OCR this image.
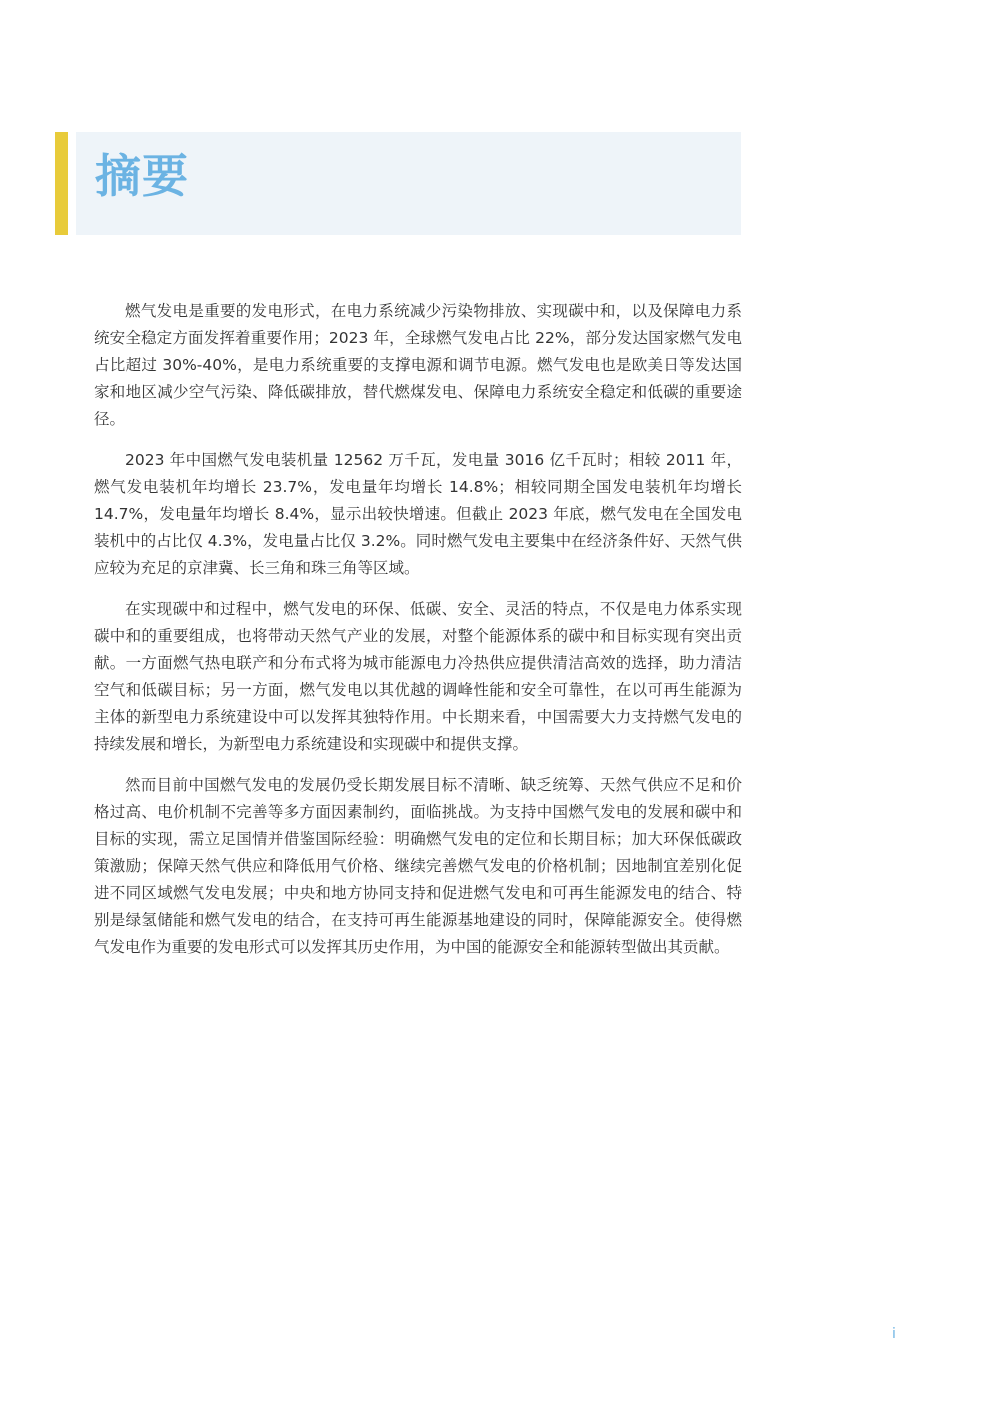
摘要

燃气发电是重要的发电形式，在电力系统减少污染物排放、实现碳中和，以及保障电力系统安全稳定方面发挥着重要作用；2023 年，全球燃气发电占比 22%，部分发达国家燃气发电占比超过 30%-40%，是电力系统重要的支撑电源和调节电源。燃气发电也是欧美日等发达国家和地区减少空气污染、降低碳排放，替代燃煤发电、保障电力系统安全稳定和低碳的重要途径。

2023 年中国燃气发电装机量 12562 万千瓦，发电量 3016 亿千瓦时；相较 2011 年，燃气发电装机年均增长 23.7%，发电量年均增长 14.8%；相较同期全国发电装机年均增长 14.7%，发电量年均增长 8.4%，显示出较快增速。但截止 2023 年底，燃气发电在全国发电装机中的占比仅 4.3%，发电量占比仅 3.2%。同时燃气发电主要集中在经济条件好、天然气供应较为充足的京津冀、长三角和珠三角等区域。

在实现碳中和过程中，燃气发电的环保、低碳、安全、灵活的特点，不仅是电力体系实现碳中和的重要组成，也将带动天然气产业的发展，对整个能源体系的碳中和目标实现有突出贡献。一方面燃气热电联产和分布式将为城市能源电力冷热供应提供清洁高效的选择，助力清洁空气和低碳目标；另一方面，燃气发电以其优越的调峰性能和安全可靠性，在以可再生能源为主体的新型电力系统建设中可以发挥其独特作用。中长期来看，中国需要大力支持燃气发电的持续发展和增长，为新型电力系统建设和实现碳中和提供支撑。

然而目前中国燃气发电的发展仍受长期发展目标不清晰、缺乏统筹、天然气供应不足和价格过高、电价机制不完善等多方面因素制约，面临挑战。为支持中国燃气发电的发展和碳中和目标的实现，需立足国情并借鉴国际经验：明确燃气发电的定位和长期目标；加大环保低碳政策激励；保障天然气供应和降低用气价格、继续完善燃气发电的价格机制；因地制宜差别化促进不同区域燃气发电发展；中央和地方协同支持和促进燃气发电和可再生能源发电的结合、特别是绿氢储能和燃气发电的结合，在支持可再生能源基地建设的同时，保障能源安全。使得燃气发电作为重要的发电形式可以发挥其历史作用，为中国的能源安全和能源转型做出其贡献。

i
